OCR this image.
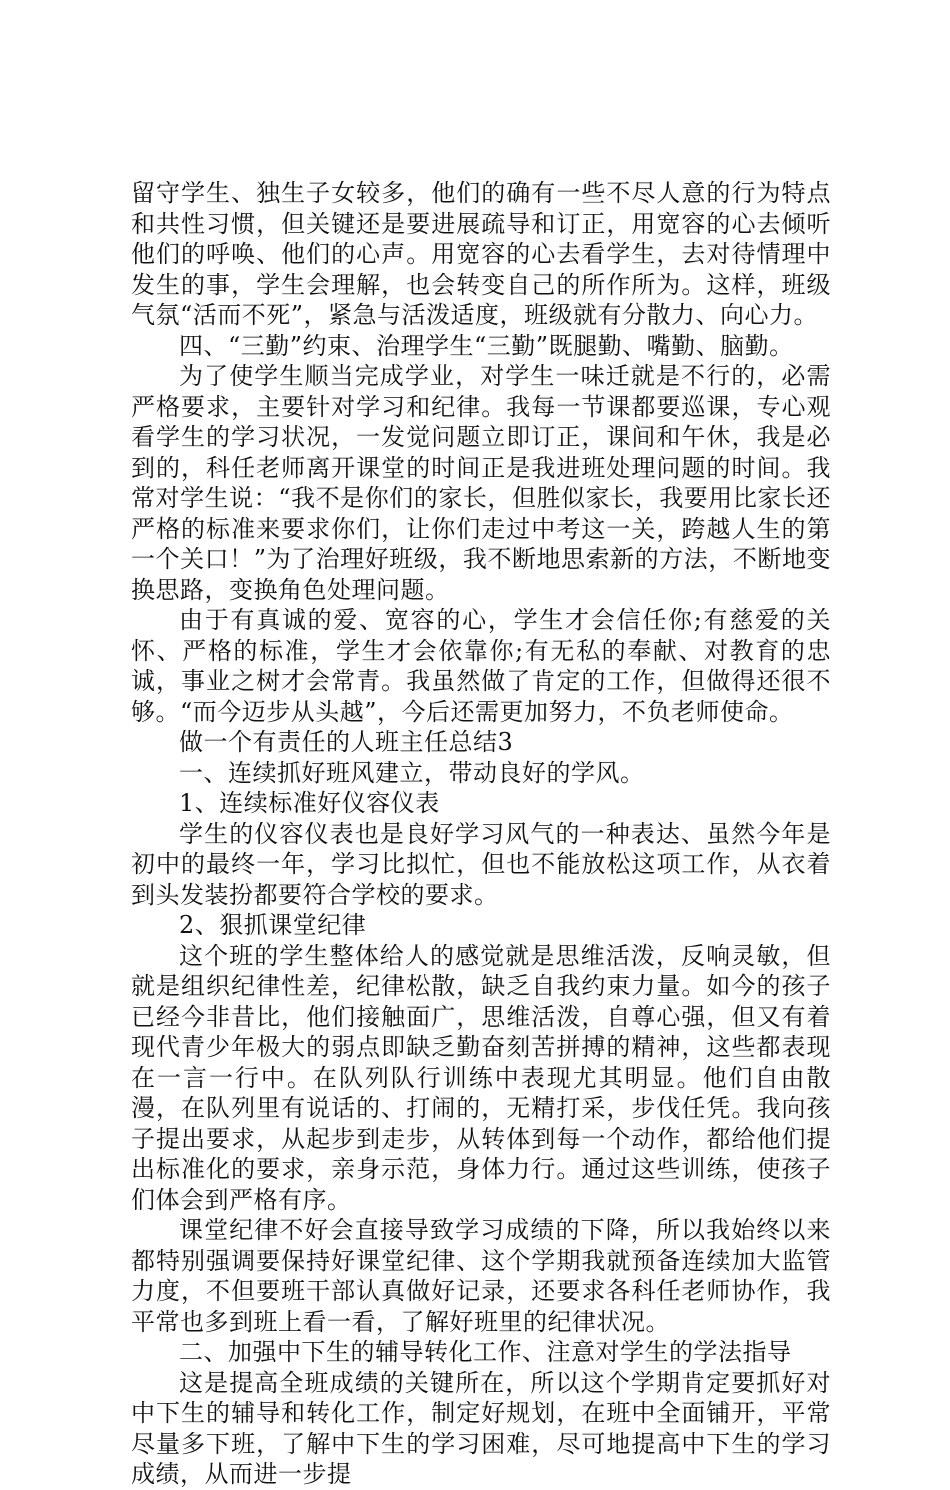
留守学生、独生子女较多，他们的确有一些不尽人意的行为特点和共性习惯，但关键还是要进展疏导和订正，用宽容的心去倾听他们的呼唤、他们的心声。用宽容的心去看学生，去对待情理中发生的事，学生会理解，也会转变自己的所作所为。这样，班级气氛“活而不死”，紧急与活泼适度，班级就有分散力、向心力。

四、“三勤”约束、治理学生“三勤”既腿勤、嘴勤、脑勤。

为了使学生顺当完成学业，对学生一味迁就是不行的，必需严格要求，主要针对学习和纪律。我每一节课都要巡课，专心观看学生的学习状况，一发觉问题立即订正，课间和午休，我是必到的，科任老师离开课堂的时间正是我进班处理问题的时间。我常对学生说：“我不是你们的家长，但胜似家长，我要用比家长还严格的标准来要求你们，让你们走过中考这一关，跨越人生的第一个关口！”为了治理好班级，我不断地思索新的方法，不断地变换思路，变换角色处理问题。

由于有真诚的爱、宽容的心，学生才会信任你;有慈爱的关怀、严格的标准，学生才会依靠你;有无私的奉献、对教育的忠诚，事业之树才会常青。我虽然做了肯定的工作，但做得还很不够。“而今迈步从头越”，今后还需更加努力，不负老师使命。

做一个有责任的人班主任总结3

一、连续抓好班风建立，带动良好的学风。

1、连续标准好仪容仪表

学生的仪容仪表也是良好学习风气的一种表达、虽然今年是初中的最终一年，学习比拟忙，但也不能放松这项工作，从衣着到头发装扮都要符合学校的要求。

2、狠抓课堂纪律

这个班的学生整体给人的感觉就是思维活泼，反响灵敏，但就是组织纪律性差，纪律松散，缺乏自我约束力量。如今的孩子已经今非昔比，他们接触面广，思维活泼，自尊心强，但又有着现代青少年极大的弱点即缺乏勤奋刻苦拼搏的精神，这些都表现在一言一行中。在队列队行训练中表现尤其明显。他们自由散漫，在队列里有说话的、打闹的，无精打采，步伐任凭。我向孩子提出要求，从起步到走步，从转体到每一个动作，都给他们提出标准化的要求，亲身示范，身体力行。通过这些训练，使孩子们体会到严格有序。

课堂纪律不好会直接导致学习成绩的下降，所以我始终以来都特别强调要保持好课堂纪律、这个学期我就预备连续加大监管力度，不但要班干部认真做好记录，还要求各科任老师协作，我平常也多到班上看一看，了解好班里的纪律状况。

二、加强中下生的辅导转化工作、注意对学生的学法指导

这是提高全班成绩的关键所在，所以这个学期肯定要抓好对中下生的辅导和转化工作，制定好规划，在班中全面铺开，平常尽量多下班，了解中下生的学习困难，尽可地提高中下生的学习成绩，从而进一步提
